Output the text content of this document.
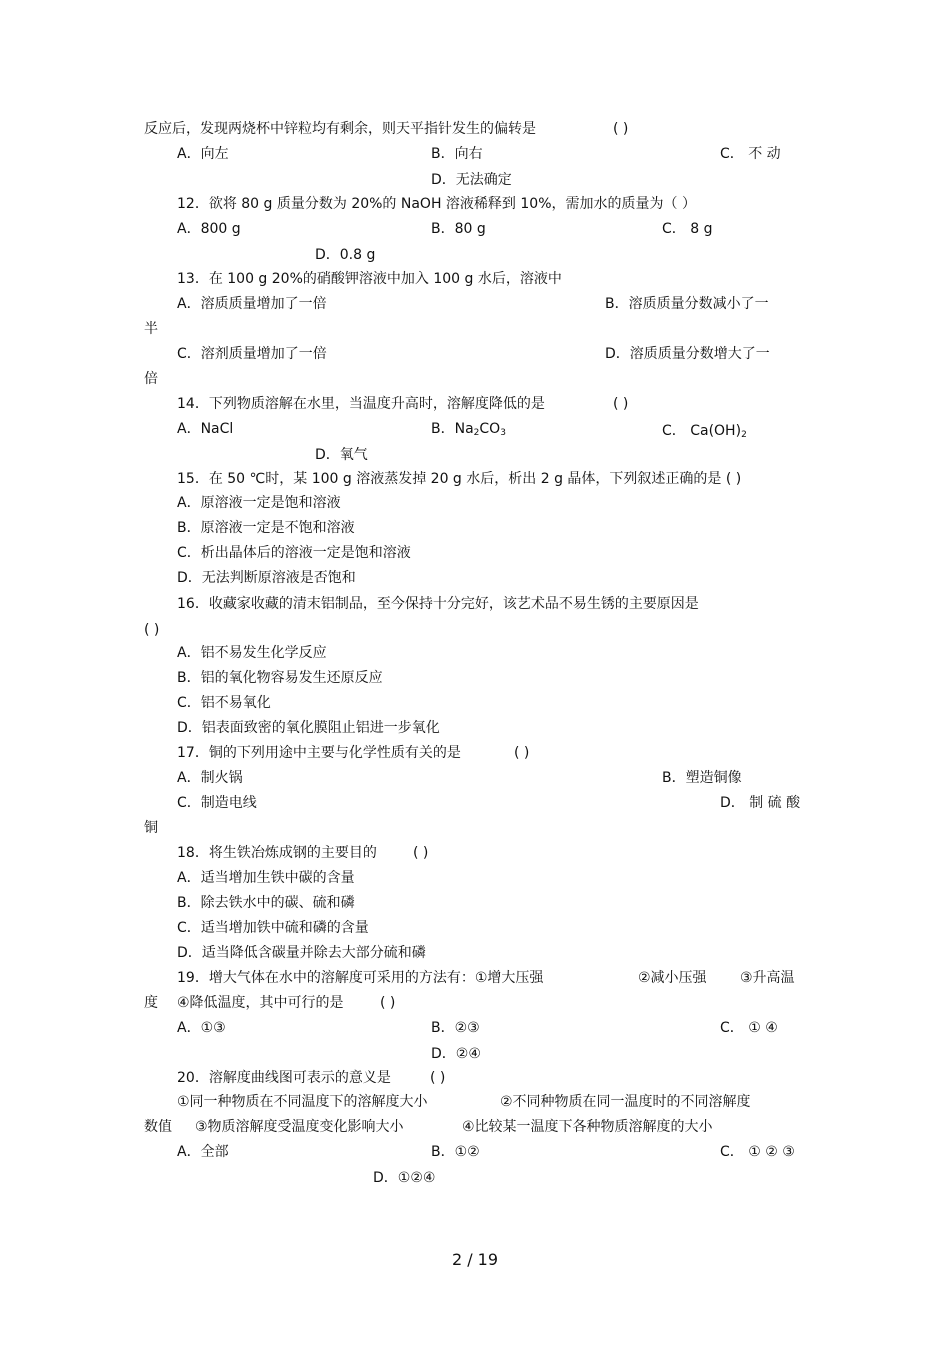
反应后，发现两烧杯中锌粒均有剩余，则天平指针发生的偏转是	( )
A．向左	B．向右	C． 不 动
D．无法确定
12．欲将 80 g 质量分数为 20%的 NaOH 溶液稀释到 10%，需加水的质量为（ ）
A．800 g	B．80 g	C． 8 g
D．0.8 g
13．在 100 g 20%的硝酸钾溶液中加入 100 g 水后，溶液中
A．溶质质量增加了一倍	B．溶质质量分数减小了一
半
C．溶剂质量增加了一倍	D．溶质质量分数增大了一
倍
14．下列物质溶解在水里，当温度升高时，溶解度降低的是	( )
A．NaCl	B．$Na_2CO_3$	C． $Ca(OH)_2$
D．氧气
15．在 50 ℃时，某 100 g 溶液蒸发掉 20 g 水后，析出 2 g 晶体，下列叙述正确的是 ( )
A．原溶液一定是饱和溶液
B．原溶液一定是不饱和溶液
C．析出晶体后的溶液一定是饱和溶液
D．无法判断原溶液是否饱和
16．收藏家收藏的清末铝制品，至今保持十分完好，该艺术品不易生锈的主要原因是
( )
A．铝不易发生化学反应
B．铝的氧化物容易发生还原反应
C．铝不易氧化
D．铝表面致密的氧化膜阻止铝进一步氧化
17．铜的下列用途中主要与化学性质有关的是	( )
A．制火锅	B．塑造铜像
C．制造电线	D． 制 硫 酸
铜
18．将生铁冶炼成钢的主要目的	( )
A．适当增加生铁中碳的含量
B．除去铁水中的碳、硫和磷
C．适当增加铁中硫和磷的含量
D．适当降低含碳量并除去大部分硫和磷
19．增大气体在水中的溶解度可采用的方法有：①增大压强	②减小压强 ③升高温
度 ④降低温度，其中可行的是	( )
A．①③	B．②③	C． ① ④
D．②④
20．溶解度曲线图可表示的意义是	( )
①同一种物质在不同温度下的溶解度大小	②不同种物质在同一温度时的不同溶解度
数值 ③物质溶解度受温度变化影响大小	④比较某一温度下各种物质溶解度的大小
A．全部	B．①②	C． ① ② ③
D．①②④
2 / 19
